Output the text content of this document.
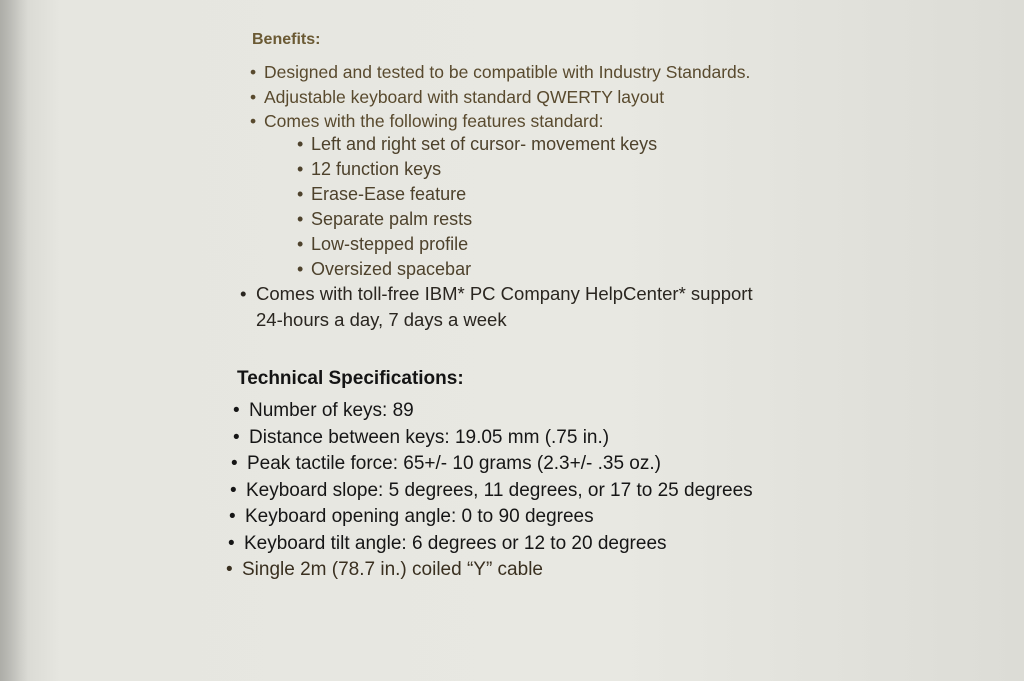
Benefits:
• Designed and tested to be compatible with Industry Standards.
• Adjustable keyboard with standard QWERTY layout
• Comes with the following features standard:
• Left and right set of cursor- movement keys
• 12 function keys
• Erase-Ease feature
• Separate palm rests
• Low-stepped profile
• Oversized spacebar
• Comes with toll-free IBM* PC Company HelpCenter* support
24-hours a day, 7 days a week
Technical Specifications:
• Number of keys: 89
• Distance between keys: 19.05 mm (.75 in.)
• Peak tactile force: 65+/- 10 grams (2.3+/- .35 oz.)
• Keyboard slope: 5 degrees, 11 degrees, or 17 to 25 degrees
• Keyboard opening angle: 0 to 90 degrees
• Keyboard tilt angle: 6 degrees or 12 to 20 degrees
• Single 2m (78.7 in.) coiled “Y” cable
